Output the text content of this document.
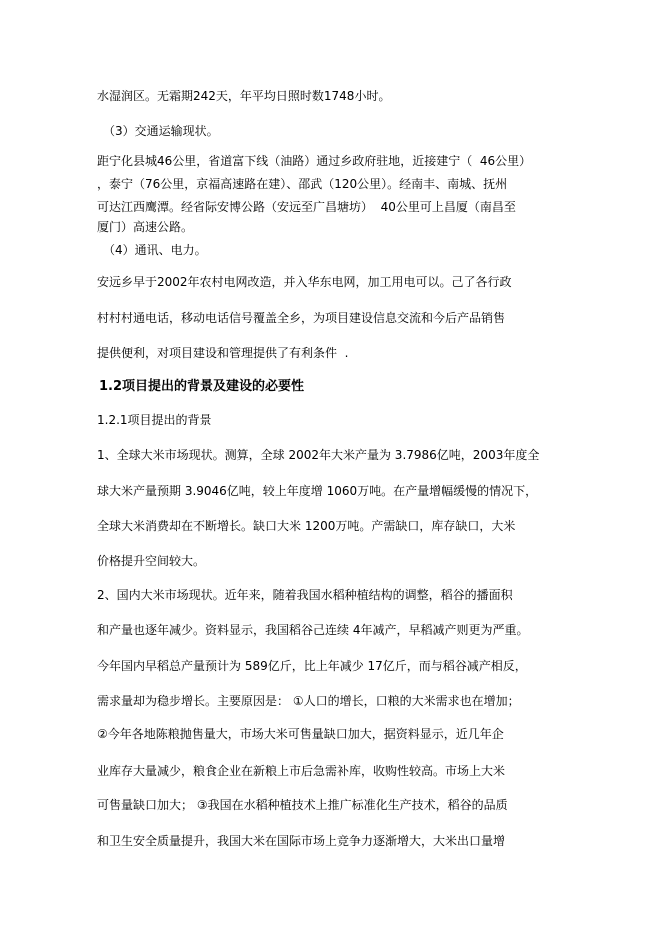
水湿润区。无霜期242天，年平均日照时数1748小时。
（3）交通运输现状。
距宁化县城46公里，省道富下线（油路）通过乡政府驻地，近接建宁（  46公里）
，泰宁（76公里，京福高速路在建）、邵武（120公里）。经南丰、南城、抚州
可达江西鹰潭。经省际安博公路（安远至广昌塘坊）  40公里可上昌厦（南昌至
厦门）高速公路。
（4）通讯、电力。
安远乡早于2002年农村电网改造，并入华东电网，加工用电可以。己了各行政
村村村通电话，移动电话信号覆盖全乡，为项目建设信息交流和今后产品销售
提供便利，对项目建设和管理提供了有利条件  .
1.2项目提出的背景及建设的必要性
1.2.1项目提出的背景
1、全球大米市场现状。测算，全球 2002年大米产量为 3.7986亿吨，2003年度全
球大米产量预期 3.9046亿吨，较上年度增 1060万吨。在产量增幅缓慢的情况下，
全球大米消费却在不断增长。缺口大米 1200万吨。产需缺口，库存缺口，大米
价格提升空间较大。
2、国内大米市场现状。近年来，随着我国水稻种植结构的调整，稻谷的播面积
和产量也逐年减少。资料显示，我国稻谷己连续 4年减产，早稻减产则更为严重。
今年国内早稻总产量预计为 589亿斤，比上年减少 17亿斤，而与稻谷减产相反，
需求量却为稳步增长。主要原因是： ①人口的增长，口粮的大米需求也在增加；
②今年各地陈粮抛售量大，市场大米可售量缺口加大，据资料显示，近几年企
业库存大量减少，粮食企业在新粮上市后急需补库，收购性较高。市场上大米
可售量缺口加大； ③我国在水稻种植技术上推广标准化生产技术，稻谷的品质
和卫生安全质量提升，我国大米在国际市场上竞争力逐渐增大，大米出口量增
